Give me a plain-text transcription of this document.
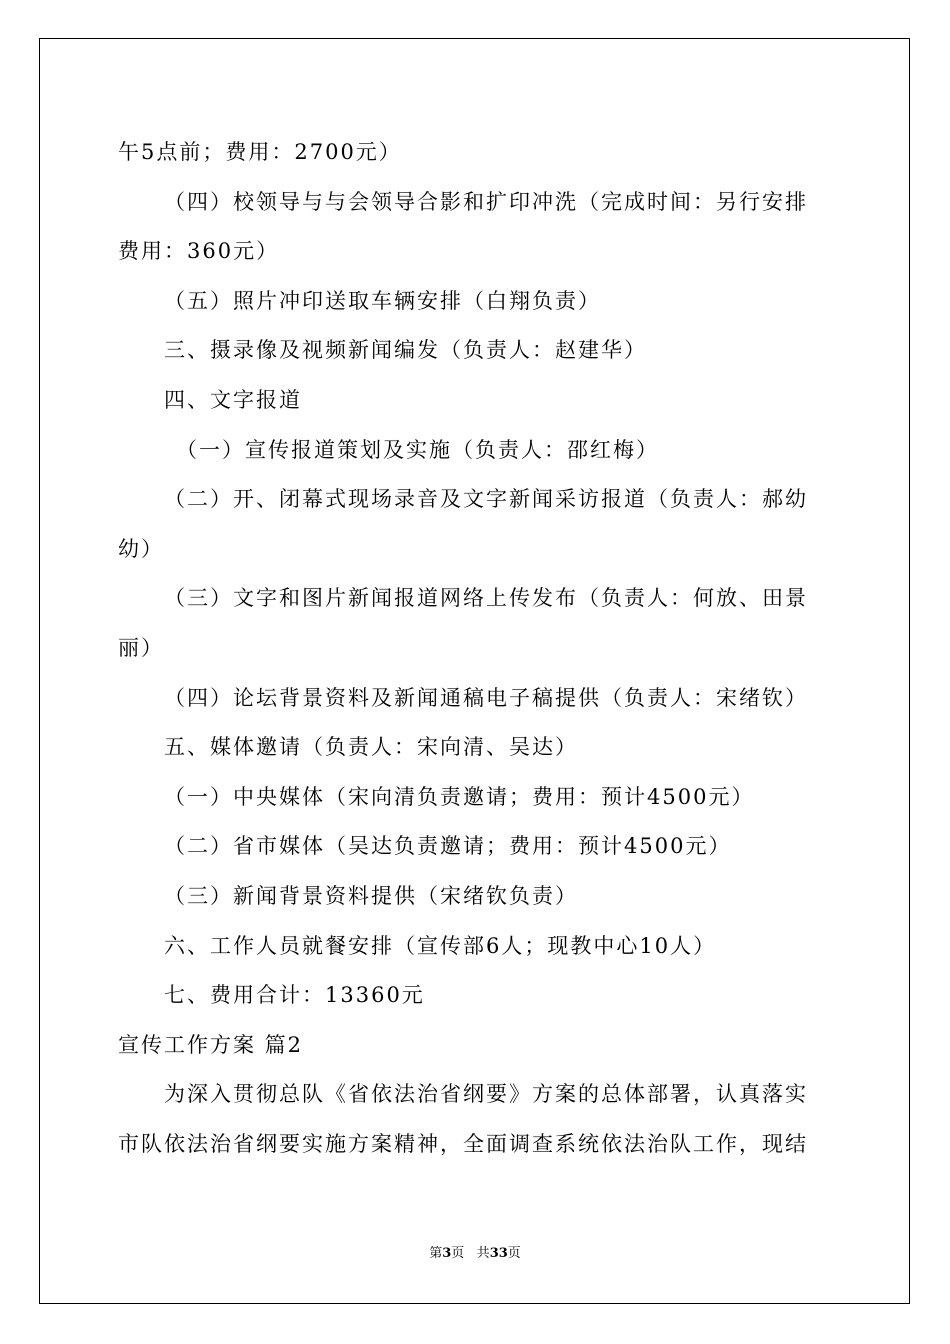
午5点前；费用：2700元）
（四）校领导与与会领导合影和扩印冲洗（完成时间：另行安排
费用：360元）
（五）照片冲印送取车辆安排（白翔负责）
三、摄录像及视频新闻编发（负责人：赵建华）
四、文字报道
（一）宣传报道策划及实施（负责人：邵红梅）
（二）开、闭幕式现场录音及文字新闻采访报道（负责人：郝幼
幼）
（三）文字和图片新闻报道网络上传发布（负责人：何放、田景
丽）
（四）论坛背景资料及新闻通稿电子稿提供（负责人：宋绪钦）
五、媒体邀请（负责人：宋向清、吴达）
（一）中央媒体（宋向清负责邀请；费用：预计4500元）
（二）省市媒体（吴达负责邀请；费用：预计4500元）
（三）新闻背景资料提供（宋绪钦负责）
六、工作人员就餐安排（宣传部6人；现教中心10人）
七、费用合计：13360元
宣传工作方案 篇2
为深入贯彻总队《省依法治省纲要》方案的总体部署，认真落实
市队依法治省纲要实施方案精神，全面调查系统依法治队工作，现结
第3页 共33页
